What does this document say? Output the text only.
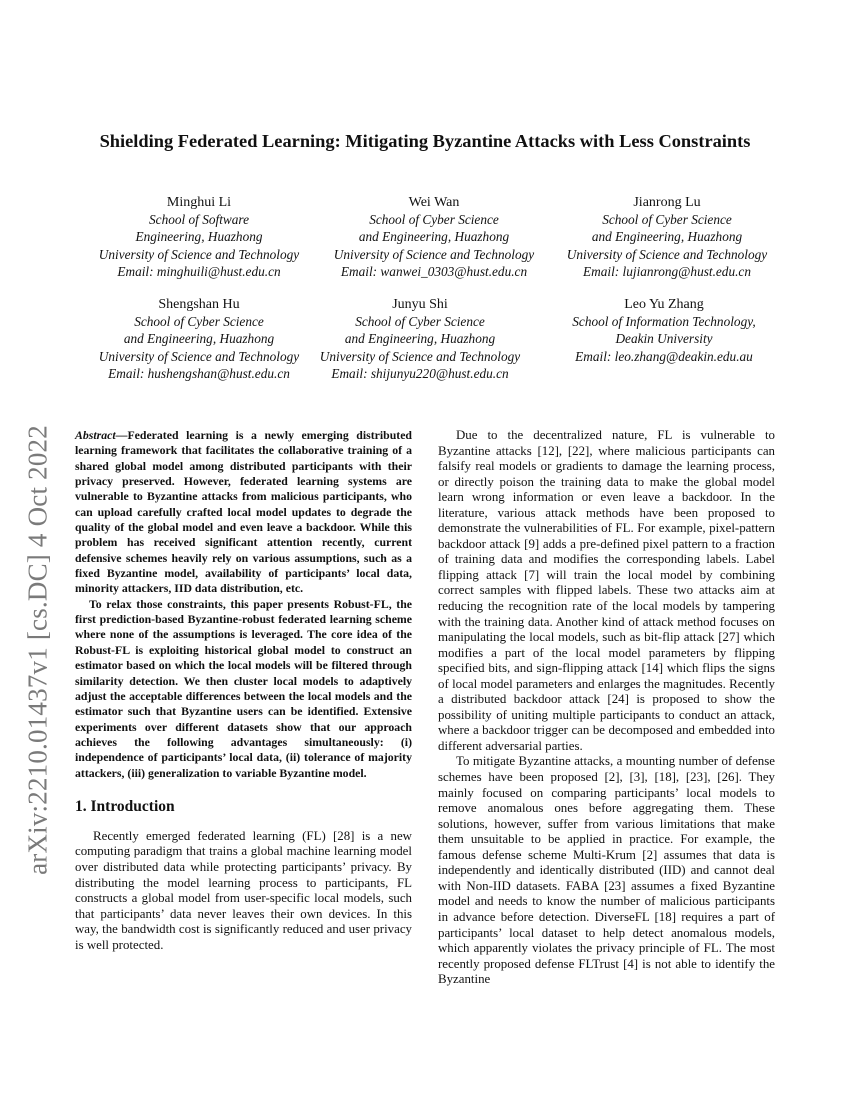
arXiv:2210.01437v1 [cs.DC] 4 Oct 2022
Shielding Federated Learning: Mitigating Byzantine Attacks with Less Constraints
Minghui Li
School of Software
Engineering, Huazhong
University of Science and Technology
Email: minghuili@hust.edu.cn
Wei Wan
School of Cyber Science
and Engineering, Huazhong
University of Science and Technology
Email: wanwei_0303@hust.edu.cn
Jianrong Lu
School of Cyber Science
and Engineering, Huazhong
University of Science and Technology
Email: lujianrong@hust.edu.cn
Shengshan Hu
School of Cyber Science
and Engineering, Huazhong
University of Science and Technology
Email: hushengshan@hust.edu.cn
Junyu Shi
School of Cyber Science
and Engineering, Huazhong
University of Science and Technology
Email: shijunyu220@hust.edu.cn
Leo Yu Zhang
School of Information Technology,
Deakin University
Email: leo.zhang@deakin.edu.au

Abstract—Federated learning is a newly emerging distributed learning framework that facilitates the collaborative training of a shared global model among distributed participants with their privacy preserved. However, federated learning systems are vulnerable to Byzantine attacks from malicious participants, who can upload carefully crafted local model updates to degrade the quality of the global model and even leave a backdoor. While this problem has received significant attention recently, current defensive schemes heavily rely on various assumptions, such as a fixed Byzantine model, availability of participants’ local data, minority attackers, IID data distribution, etc.

To relax those constraints, this paper presents Robust-FL, the first prediction-based Byzantine-robust federated learning scheme where none of the assumptions is leveraged. The core idea of the Robust-FL is exploiting historical global model to construct an estimator based on which the local models will be filtered through similarity detection. We then cluster local models to adaptively adjust the acceptable differences between the local models and the estimator such that Byzantine users can be identified. Extensive experiments over different datasets show that our approach achieves the following advantages simultaneously: (i) independence of participants’ local data, (ii) tolerance of majority attackers, (iii) generalization to variable Byzantine model.

1. Introduction

Recently emerged federated learning (FL) [28] is a new computing paradigm that trains a global machine learning model over distributed data while protecting participants’ privacy. By distributing the model learning process to participants, FL constructs a global model from user-specific local models, such that participants’ data never leaves their own devices. In this way, the bandwidth cost is significantly reduced and user privacy is well protected.

Due to the decentralized nature, FL is vulnerable to Byzantine attacks [12], [22], where malicious participants can falsify real models or gradients to damage the learning process, or directly poison the training data to make the global model learn wrong information or even leave a backdoor. In the literature, various attack methods have been proposed to demonstrate the vulnerabilities of FL. For example, pixel-pattern backdoor attack [9] adds a pre-defined pixel pattern to a fraction of training data and modifies the corresponding labels. Label flipping attack [7] will train the local model by combining correct samples with flipped labels. These two attacks aim at reducing the recognition rate of the local models by tampering with the training data. Another kind of attack method focuses on manipulating the local models, such as bit-flip attack [27] which modifies a part of the local model parameters by flipping specified bits, and sign-flipping attack [14] which flips the signs of local model parameters and enlarges the magnitudes. Recently a distributed backdoor attack [24] is proposed to show the possibility of uniting multiple participants to conduct an attack, where a backdoor trigger can be decomposed and embedded into different adversarial parties.

To mitigate Byzantine attacks, a mounting number of defense schemes have been proposed [2], [3], [18], [23], [26]. They mainly focused on comparing participants’ local models to remove anomalous ones before aggregating them. These solutions, however, suffer from various limitations that make them unsuitable to be applied in practice. For example, the famous defense scheme Multi-Krum [2] assumes that data is independently and identically distributed (IID) and cannot deal with Non-IID datasets. FABA [23] assumes a fixed Byzantine model and needs to know the number of malicious participants in advance before detection. DiverseFL [18] requires a part of participants’ local dataset to help detect anomalous models, which apparently violates the privacy principle of FL. The most recently proposed defense FLTrust [4] is not able to identify the Byzantine
